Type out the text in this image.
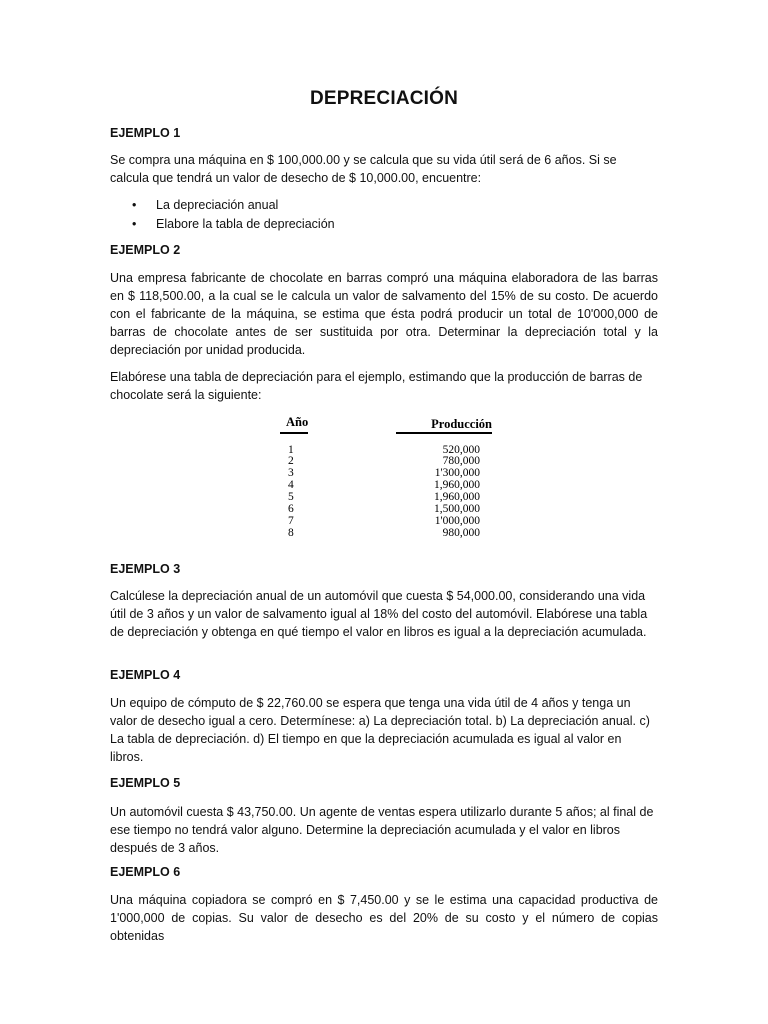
DEPRECIACIÓN
EJEMPLO 1

Se compra una máquina en $ 100,000.00 y se calcula que su vida útil será de 6 años. Si se calcula que tendrá un valor de desecho de $ 10,000.00, encuentre:

• La depreciación anual
• Elabore la tabla de depreciación
EJEMPLO 2

Una empresa fabricante de chocolate en barras compró una máquina elaboradora de las barras en $ 118,500.00, a la cual se le calcula un valor de salvamento del 15% de su costo. De acuerdo con el fabricante de la máquina, se estima que ésta podrá producir un total de 10'000,000 de barras de chocolate antes de ser sustituida por otra. Determinar la depreciación total y la depreciación por unidad producida.

Elabórese una tabla de depreciación para el ejemplo, estimando que la producción de barras de chocolate será la siguiente:

Año	Producción
1	520,000
2	780,000
3	1'300,000
4	1,960,000
5	1,960,000
6	1,500,000
7	1'000,000
8	980,000
EJEMPLO 3

Calcúlese la depreciación anual de un automóvil que cuesta $ 54,000.00, considerando una vida útil de 3 años y un valor de salvamento igual al 18% del costo del automóvil. Elabórese una tabla de depreciación y obtenga en qué tiempo el valor en libros es igual a la depreciación acumulada.

EJEMPLO 4

Un equipo de cómputo de $ 22,760.00 se espera que tenga una vida útil de 4 años y tenga un valor de desecho igual a cero. Determínese: a) La depreciación total. b) La depreciación anual. c) La tabla de depreciación. d) El tiempo en que la depreciación acumulada es igual al valor en libros.

EJEMPLO 5

Un automóvil cuesta $ 43,750.00. Un agente de ventas espera utilizarlo durante 5 años; al final de ese tiempo no tendrá valor alguno. Determine la depreciación acumulada y el valor en libros después de 3 años.

EJEMPLO 6

Una máquina copiadora se compró en $ 7,450.00 y se le estima una capacidad productiva de 1'000,000 de copias. Su valor de desecho es del 20% de su costo y el número de copias obtenidas
